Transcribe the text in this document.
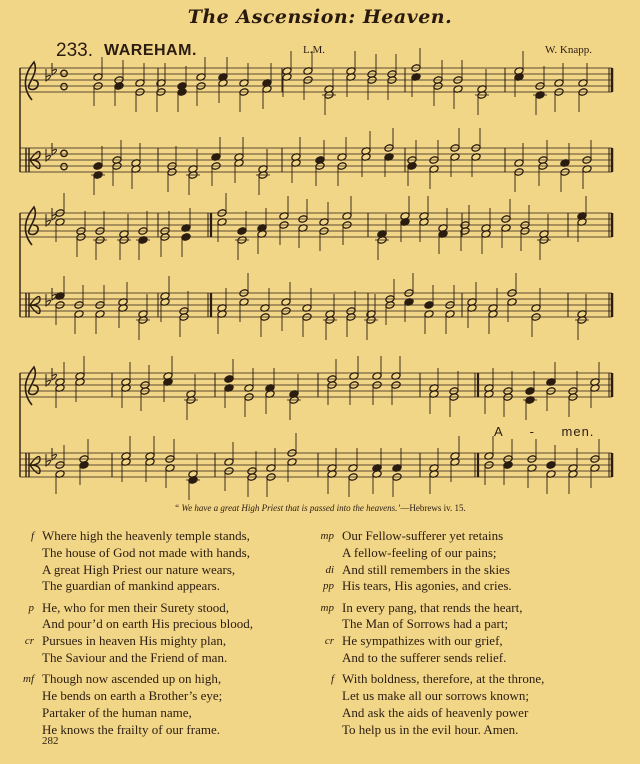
The Ascension: Heaven.
233. WAREHAM.	L.M.	W. Knapp.
A - men.
“ We have a great High Priest that is passed into the heavens.’—Hebrews iv. 15.
f Where high the heavenly temple stands,
The house of God not made with hands,
A great High Priest our nature wears,
The guardian of mankind appears.
p He, who for men their Surety stood,
And pour’d on earth His precious blood,
cr Pursues in heaven His mighty plan,
The Saviour and the Friend of man.
mf Though now ascended up on high,
He bends on earth a Brother’s eye;
Partaker of the human name,
He knows the frailty of our frame.
mp Our Fellow-sufferer yet retains
A fellow-feeling of our pains;
di And still remembers in the skies
pp His tears, His agonies, and cries.
mp In every pang, that rends the heart,
The Man of Sorrows had a part;
cr He sympathizes with our grief,
And to the sufferer sends relief.
f With boldness, therefore, at the throne,
Let us make all our sorrows known;
And ask the aids of heavenly power
To help us in the evil hour. Amen.
282
